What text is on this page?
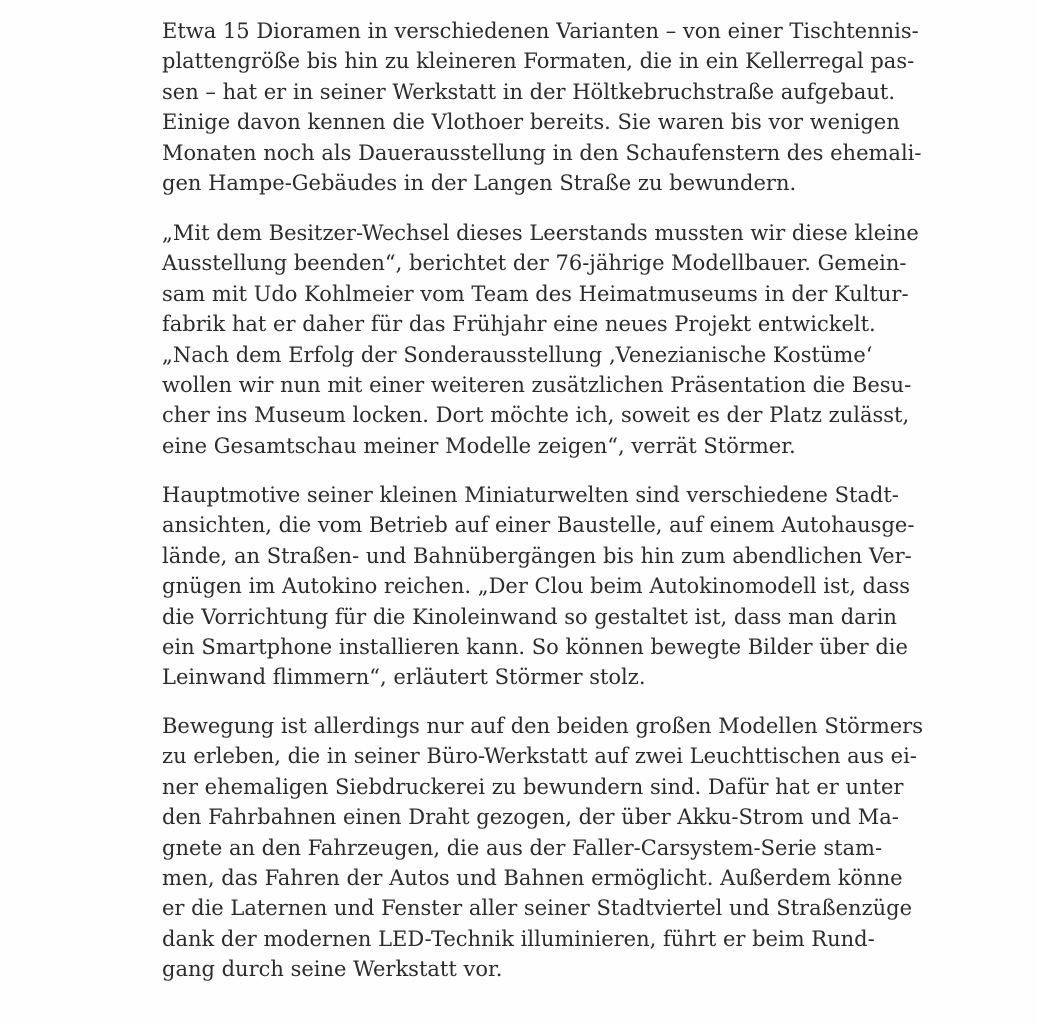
Etwa 15 Dioramen in verschiedenen Varianten – von einer Tischtennis-
plattengröße bis hin zu kleineren Formaten, die in ein Kellerregal pas-
sen – hat er in seiner Werkstatt in der Höltkebruchstraße aufgebaut.
Einige davon kennen die Vlothoer bereits. Sie waren bis vor wenigen
Monaten noch als Dauerausstellung in den Schaufenstern des ehemali-
gen Hampe-Gebäudes in der Langen Straße zu bewundern.
„Mit dem Besitzer-Wechsel dieses Leerstands mussten wir diese kleine
Ausstellung beenden“, berichtet der 76-jährige Modellbauer. Gemein-
sam mit Udo Kohlmeier vom Team des Heimatmuseums in der Kultur-
fabrik hat er daher für das Frühjahr eine neues Projekt entwickelt.
„Nach dem Erfolg der Sonderausstellung ‚Venezianische Kostüme‘
wollen wir nun mit einer weiteren zusätzlichen Präsentation die Besu-
cher ins Museum locken. Dort möchte ich, soweit es der Platz zulässt,
eine Gesamtschau meiner Modelle zeigen“, verrät Störmer.
Hauptmotive seiner kleinen Miniaturwelten sind verschiedene Stadt-
ansichten, die vom Betrieb auf einer Baustelle, auf einem Autohausge-
lände, an Straßen- und Bahnübergängen bis hin zum abendlichen Ver-
gnügen im Autokino reichen. „Der Clou beim Autokinomodell ist, dass
die Vorrichtung für die Kinoleinwand so gestaltet ist, dass man darin
ein Smartphone installieren kann. So können bewegte Bilder über die
Leinwand flimmern“, erläutert Störmer stolz.
Bewegung ist allerdings nur auf den beiden großen Modellen Störmers
zu erleben, die in seiner Büro-Werkstatt auf zwei Leuchttischen aus ei-
ner ehemaligen Siebdruckerei zu bewundern sind. Dafür hat er unter
den Fahrbahnen einen Draht gezogen, der über Akku-Strom und Ma-
gnete an den Fahrzeugen, die aus der Faller-Carsystem-Serie stam-
men, das Fahren der Autos und Bahnen ermöglicht. Außerdem könne
er die Laternen und Fenster aller seiner Stadtviertel und Straßenzüge
dank der modernen LED-Technik illuminieren, führt er beim Rund-
gang durch seine Werkstatt vor.
